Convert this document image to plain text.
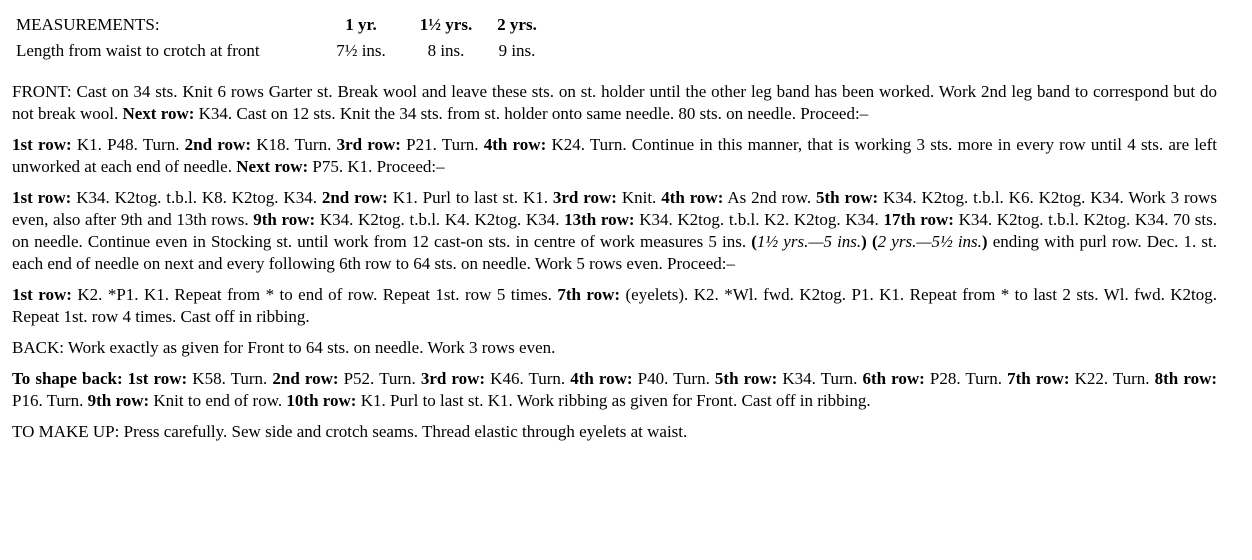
MEASUREMENTS:	1 yr.	1½ yrs.	2 yrs.
Length from waist to crotch at front	7½ ins.	8 ins.	9 ins.

FRONT: Cast on 34 sts. Knit 6 rows Garter st. Break wool and leave these sts. on st. holder until the other leg band has been worked. Work 2nd leg band to correspond but do not break wool. Next row: K34. Cast on 12 sts. Knit the 34 sts. from st. holder onto same needle. 80 sts. on needle. Proceed:–

1st row: K1. P48. Turn. 2nd row: K18. Turn. 3rd row: P21. Turn. 4th row: K24. Turn. Continue in this manner, that is working 3 sts. more in every row until 4 sts. are left unworked at each end of needle. Next row: P75. K1. Proceed:–

1st row: K34. K2tog. t.b.l. K8. K2tog. K34. 2nd row: K1. Purl to last st. K1. 3rd row: Knit. 4th row: As 2nd row. 5th row: K34. K2tog. t.b.l. K6. K2tog. K34. Work 3 rows even, also after 9th and 13th rows. 9th row: K34. K2tog. t.b.l. K4. K2tog. K34. 13th row: K34. K2tog. t.b.l. K2. K2tog. K34. 17th row: K34. K2tog. t.b.l. K2tog. K34. 70 sts. on needle. Continue even in Stocking st. until work from 12 cast-on sts. in centre of work measures 5 ins. (1½ yrs.—5 ins.) (2 yrs.—5½ ins.) ending with purl row. Dec. 1. st. each end of needle on next and every following 6th row to 64 sts. on needle. Work 5 rows even. Proceed:–

1st row: K2. *P1. K1. Repeat from * to end of row. Repeat 1st. row 5 times. 7th row: (eyelets). K2. *Wl. fwd. K2tog. P1. K1. Repeat from * to last 2 sts. Wl. fwd. K2tog. Repeat 1st. row 4 times. Cast off in ribbing.

BACK: Work exactly as given for Front to 64 sts. on needle. Work 3 rows even.

To shape back: 1st row: K58. Turn. 2nd row: P52. Turn. 3rd row: K46. Turn. 4th row: P40. Turn. 5th row: K34. Turn. 6th row: P28. Turn. 7th row: K22. Turn. 8th row: P16. Turn. 9th row: Knit to end of row. 10th row: K1. Purl to last st. K1. Work ribbing as given for Front. Cast off in ribbing.

TO MAKE UP: Press carefully. Sew side and crotch seams. Thread elastic through eyelets at waist.
